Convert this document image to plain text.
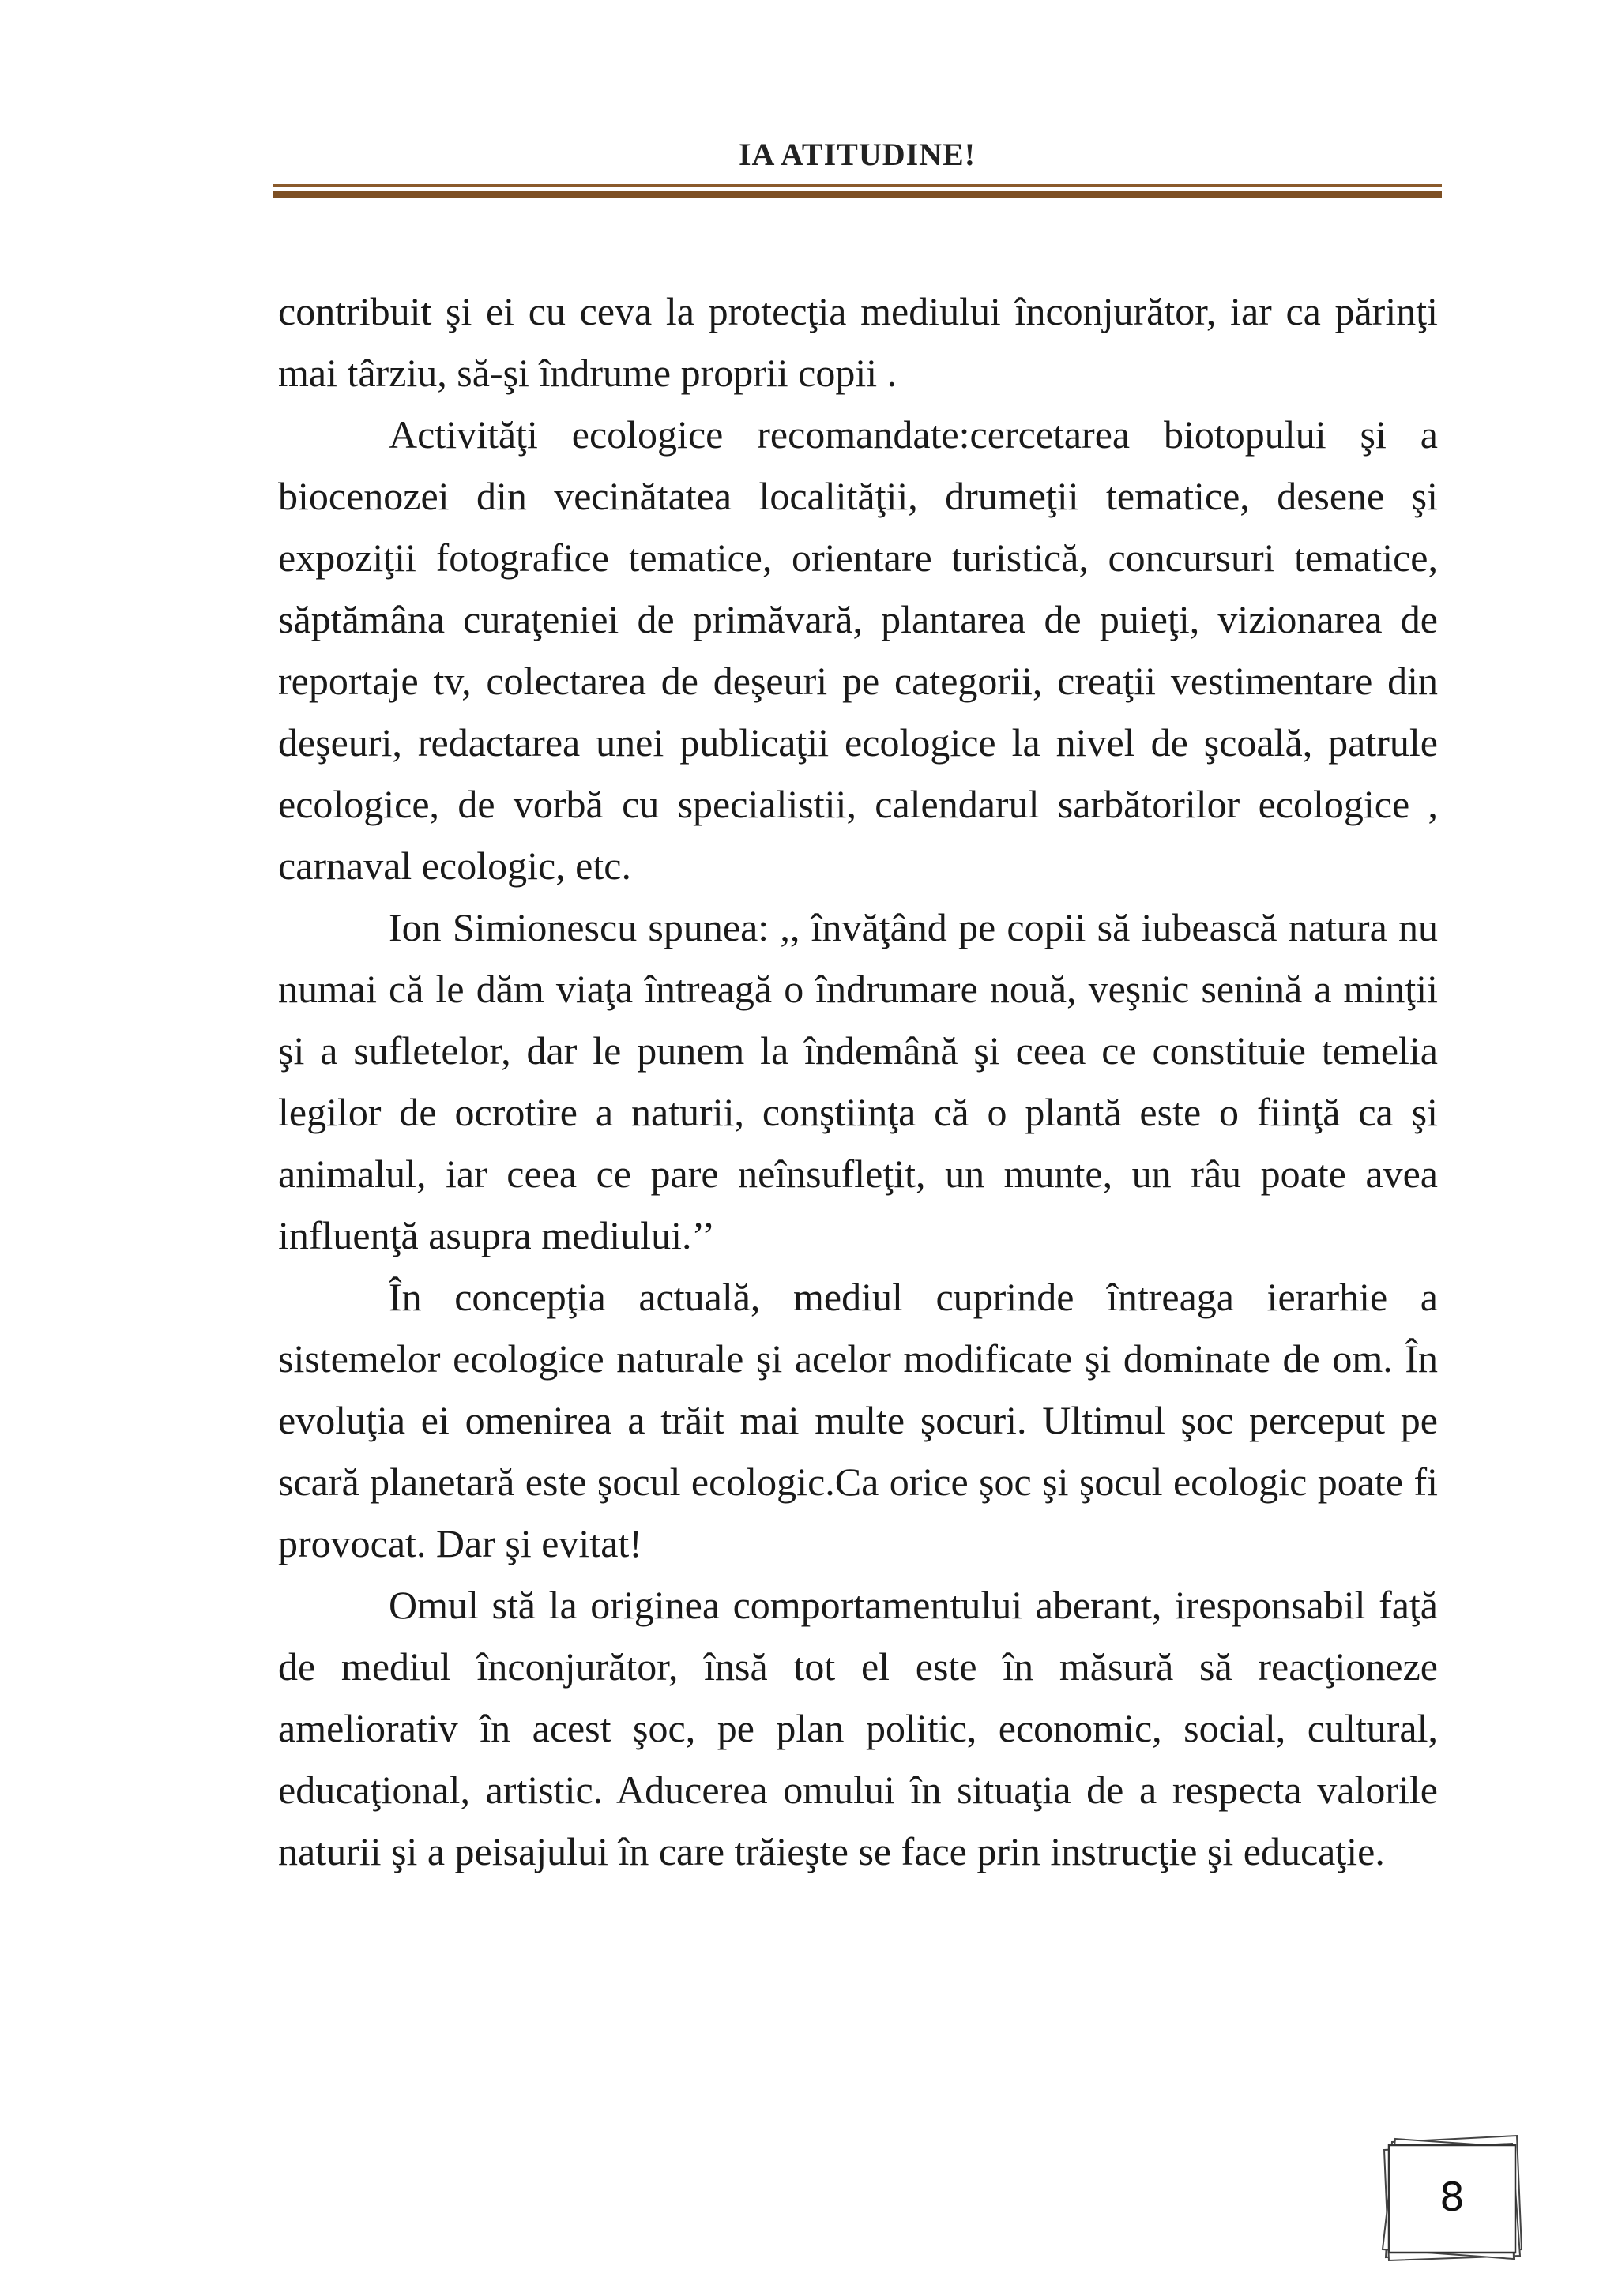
IA ATITUDINE!

contribuit şi ei cu ceva la protecţia mediului înconjurător, iar ca părinţi mai târziu, să-şi îndrume proprii copii .

Activităţi ecologice recomandate:cercetarea biotopului şi a biocenozei din vecinătatea localităţii, drumeţii tematice, desene şi expoziţii fotografice tematice, orientare turistică, concursuri tematice, săptămâna curaţeniei de primăvară, plantarea de puieţi, vizionarea de reportaje tv, colectarea de deşeuri pe categorii, creaţii vestimentare din deşeuri, redactarea unei publicaţii ecologice la nivel de şcoală, patrule ecologice, de vorbă cu specialistii, calendarul sarbătorilor ecologice , carnaval ecologic, etc.

Ion Simionescu spunea: ,, învăţând pe copii să iubească natura nu numai că le dăm viaţa întreagă o îndrumare nouă, veşnic senină a minţii şi a sufletelor, dar le punem la îndemână şi ceea ce constituie temelia legilor de ocrotire a naturii, conştiinţa că o plantă este o fiinţă ca şi animalul, iar ceea ce pare neînsufleţit, un munte, un râu poate avea influenţă asupra mediului.’’

În concepţia actuală, mediul cuprinde întreaga ierarhie a sistemelor ecologice naturale şi acelor modificate şi dominate de om. În evoluţia ei omenirea a trăit mai multe şocuri. Ultimul şoc perceput pe scară planetară este şocul ecologic.Ca orice şoc şi şocul ecologic poate fi provocat. Dar şi evitat!

Omul stă la originea comportamentului aberant, iresponsabil faţă de mediul înconjurător, însă tot el este în măsură să reacţioneze ameliorativ în acest şoc, pe plan politic, economic, social, cultural, educaţional, artistic. Aducerea omului în situaţia de a respecta valorile naturii şi a peisajului în care trăieşte se face prin instrucţie şi educaţie.

8
